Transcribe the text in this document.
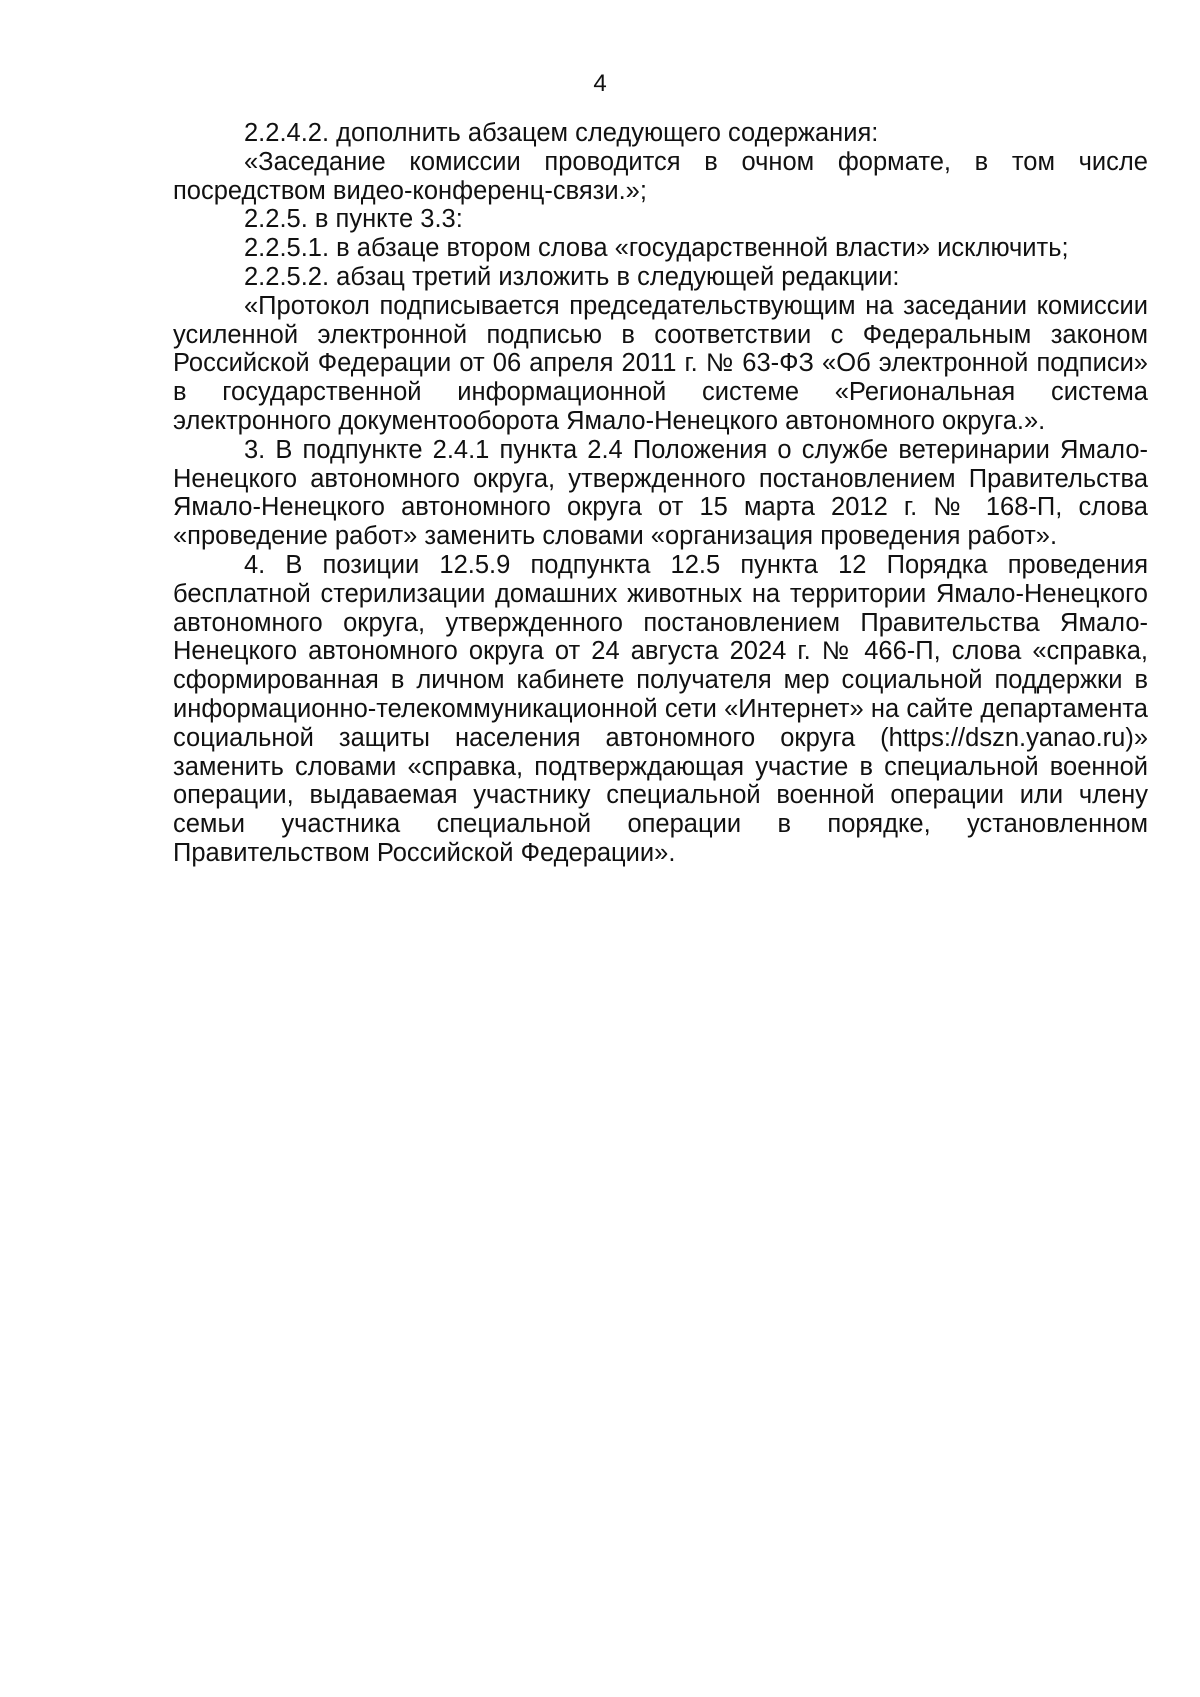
4

2.2.4.2. дополнить абзацем следующего содержания:

«Заседание комиссии проводится в очном формате, в том числе посредством видео-конференц-связи.»;

2.2.5. в пункте 3.3:

2.2.5.1. в абзаце втором слова «государственной власти» исключить;

2.2.5.2. абзац третий изложить в следующей редакции:

«Протокол подписывается председательствующим на заседании комиссии усиленной электронной подписью в соответствии с Федеральным законом Российской Федерации от 06 апреля 2011 г. № 63-ФЗ «Об электронной подписи» в государственной информационной системе «Региональная система электронного документооборота Ямало-Ненецкого автономного округа.».

3. В подпункте 2.4.1 пункта 2.4 Положения о службе ветеринарии Ямало-Ненецкого автономного округа, утвержденного постановлением Правительства Ямало-Ненецкого автономного округа от 15 марта 2012 г. № 168-П, слова «проведение работ» заменить словами «организация проведения работ».

4. В позиции 12.5.9 подпункта 12.5 пункта 12 Порядка проведения бесплатной стерилизации домашних животных на территории Ямало-Ненецкого автономного округа, утвержденного постановлением Правительства Ямало-Ненецкого автономного округа от 24 августа 2024 г. № 466-П, слова «справка, сформированная в личном кабинете получателя мер социальной поддержки в информационно-телекоммуникационной сети «Интернет» на сайте департамента социальной защиты населения автономного округа (https://dszn.yanao.ru)» заменить словами «справка, подтверждающая участие в специальной военной операции, выдаваемая участнику специальной военной операции или члену семьи участника специальной операции в порядке, установленном Правительством Российской Федерации».
